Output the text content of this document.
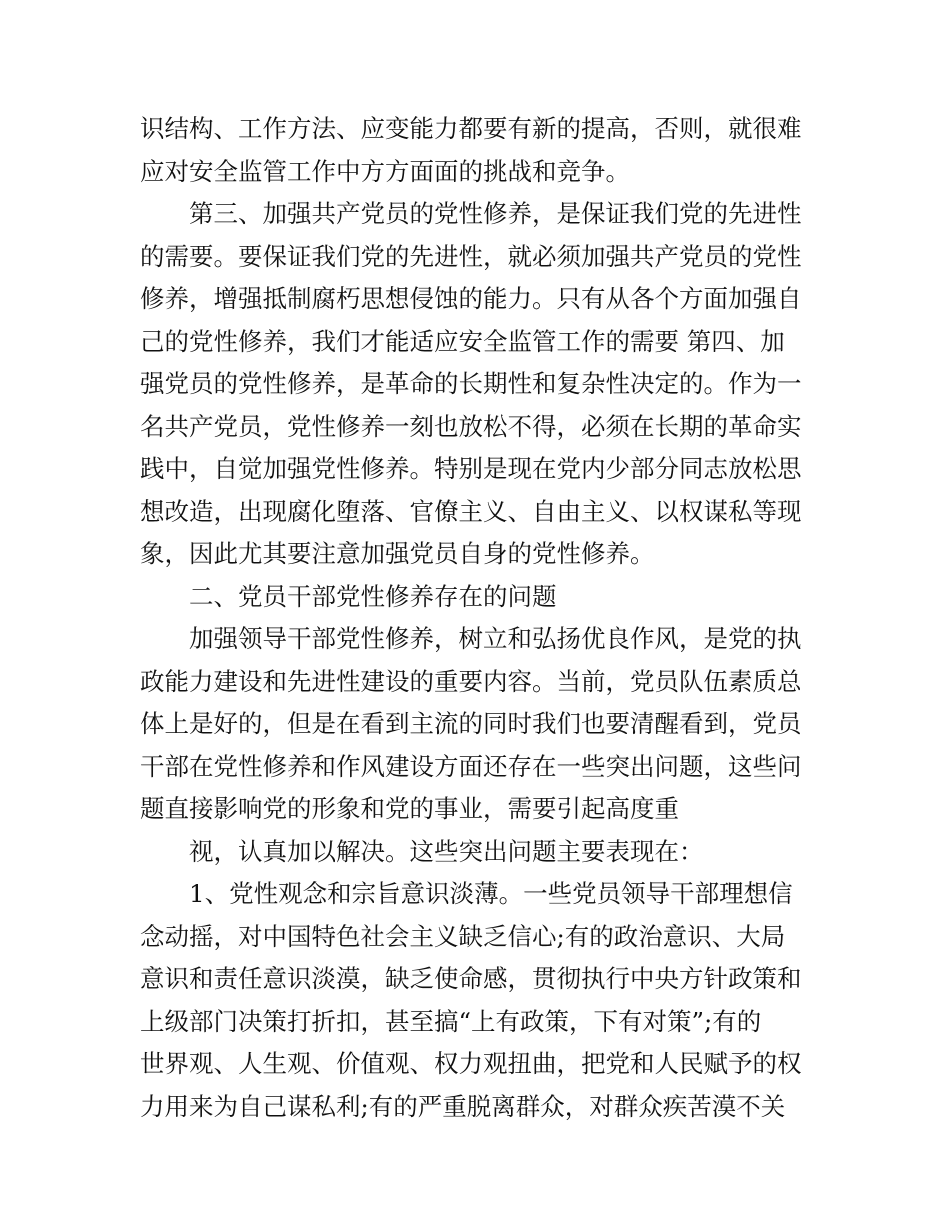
识结构、工作方法、应变能力都要有新的提高，否则，就很难
应对安全监管工作中方方面面的挑战和竞争。
第三、加强共产党员的党性修养，是保证我们党的先进性
的需要。要保证我们党的先进性，就必须加强共产党员的党性
修养，增强抵制腐朽思想侵蚀的能力。只有从各个方面加强自
己的党性修养，我们才能适应安全监管工作的需要 第四、加
强党员的党性修养，是革命的长期性和复杂性决定的。作为一
名共产党员，党性修养一刻也放松不得，必须在长期的革命实
践中，自觉加强党性修养。特别是现在党内少部分同志放松思
想改造，出现腐化堕落、官僚主义、自由主义、以权谋私等现
象，因此尤其要注意加强党员自身的党性修养。
二、党员干部党性修养存在的问题
加强领导干部党性修养，树立和弘扬优良作风，是党的执
政能力建设和先进性建设的重要内容。当前，党员队伍素质总
体上是好的，但是在看到主流的同时我们也要清醒看到，党员
干部在党性修养和作风建设方面还存在一些突出问题，这些问
题直接影响党的形象和党的事业，需要引起高度重
视，认真加以解决。这些突出问题主要表现在：
1、党性观念和宗旨意识淡薄。一些党员领导干部理想信
念动摇，对中国特色社会主义缺乏信心;有的政治意识、大局
意识和责任意识淡漠，缺乏使命感，贯彻执行中央方针政策和
上级部门决策打折扣，甚至搞“上有政策，下有对策”;有的
世界观、人生观、价值观、权力观扭曲，把党和人民赋予的权
力用来为自己谋私利;有的严重脱离群众，对群众疾苦漠不关
